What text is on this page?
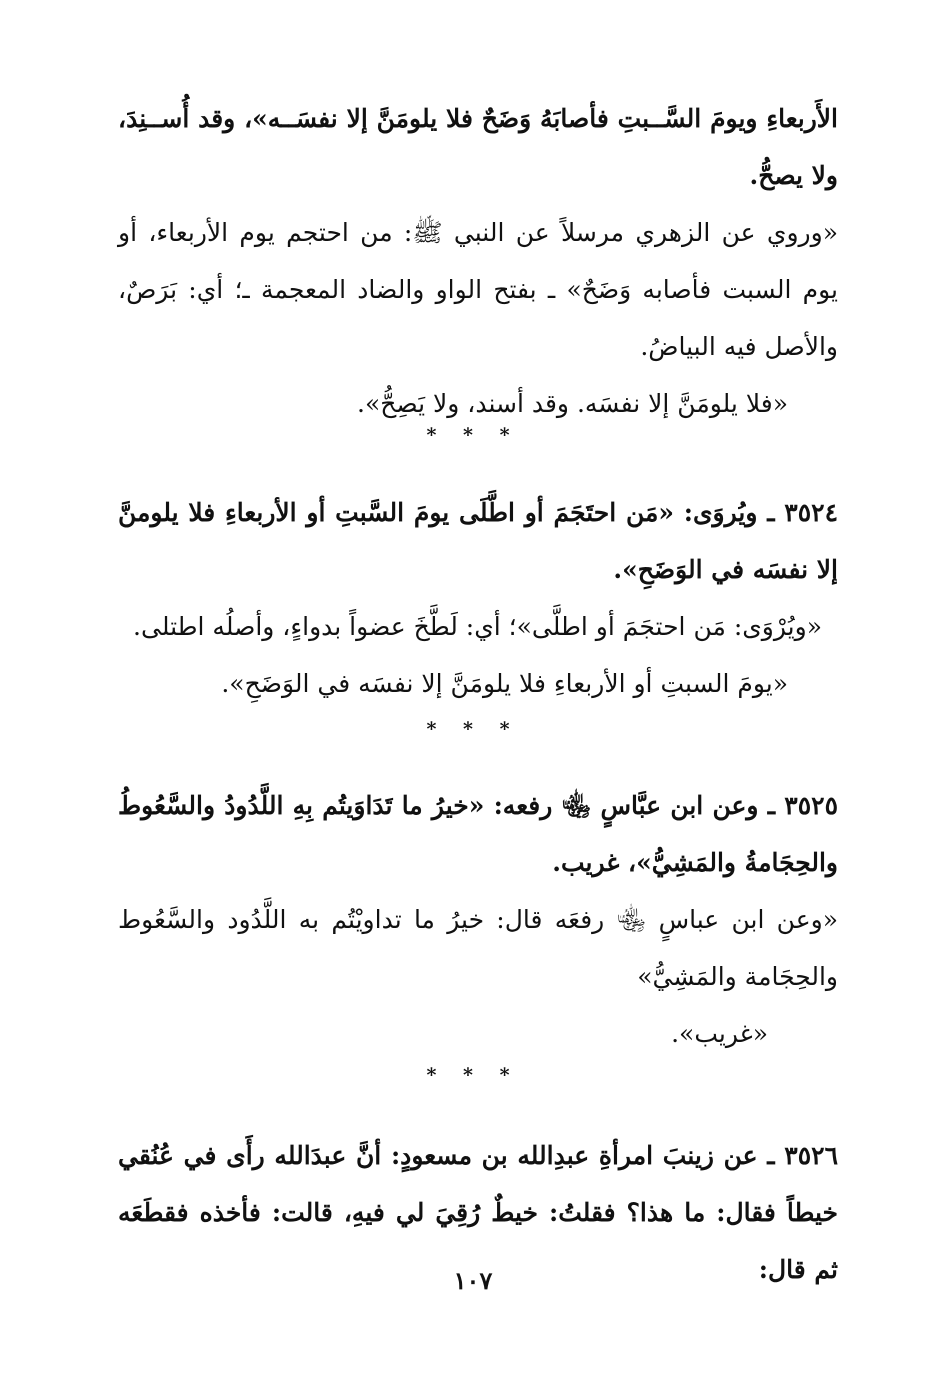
الأَربعاءِ ويومَ السَّــبتِ فأصابَهُ وَضَحٌ فلا يلومَنَّ إلا نفسَــه»، وقد أُســنِدَ، ولا يصحُّ.

«وروي عن الزهري مرسلاً عن النبي ﷺ: من احتجم يوم الأربعاء، أو يوم السبت فأصابه وَضَحٌ» ـ بفتح الواو والضاد المعجمة ـ؛ أي: بَرَصٌ، والأصل فيه البياضُ.

«فلا يلومَنَّ إلا نفسَه. وقد أسند، ولا يَصِحُّ».

* * *

٣٥٢٤ ـ ويُروَى: «مَن احتَجَمَ أو اطَّلَى يومَ السَّبتِ أو الأربعاءِ فلا يلومنَّ إلا نفسَه في الوَضَحِ».

«ويُرْوَى: مَن احتجَمَ أو اطلَّى»؛ أي: لَطَّخَ عضواً بدواءٍ، وأصلُه اطتلى.

«يومَ السبتِ أو الأربعاءِ فلا يلومَنَّ إلا نفسَه في الوَضَحِ».

* * *

٣٥٢٥ ـ وعن ابن عبَّاسٍ ﵄ رفعه: «خيرُ ما تَدَاوَيتُم بِهِ اللَّدُودُ والسَّعُوطُ والحِجَامةُ والمَشِيُّ»، غريب.

«وعن ابن عباسٍ ﵄ رفعَه قال: خيرُ ما تداويْتُم به اللَّدُود والسَّعُوط والحِجَامة والمَشِيُّ»

«غريب».

* * *

٣٥٢٦ ـ عن زينبَ امرأةِ عبدِالله بن مسعودٍ: أنَّ عبدَالله رأَى في عُنُقي خيطاً فقال: ما هذا؟ فقلتُ: خيطٌ رُقِيَ لي فيهِ، قالت: فأخذه فقطَعَه ثم قال:

١٠٧
